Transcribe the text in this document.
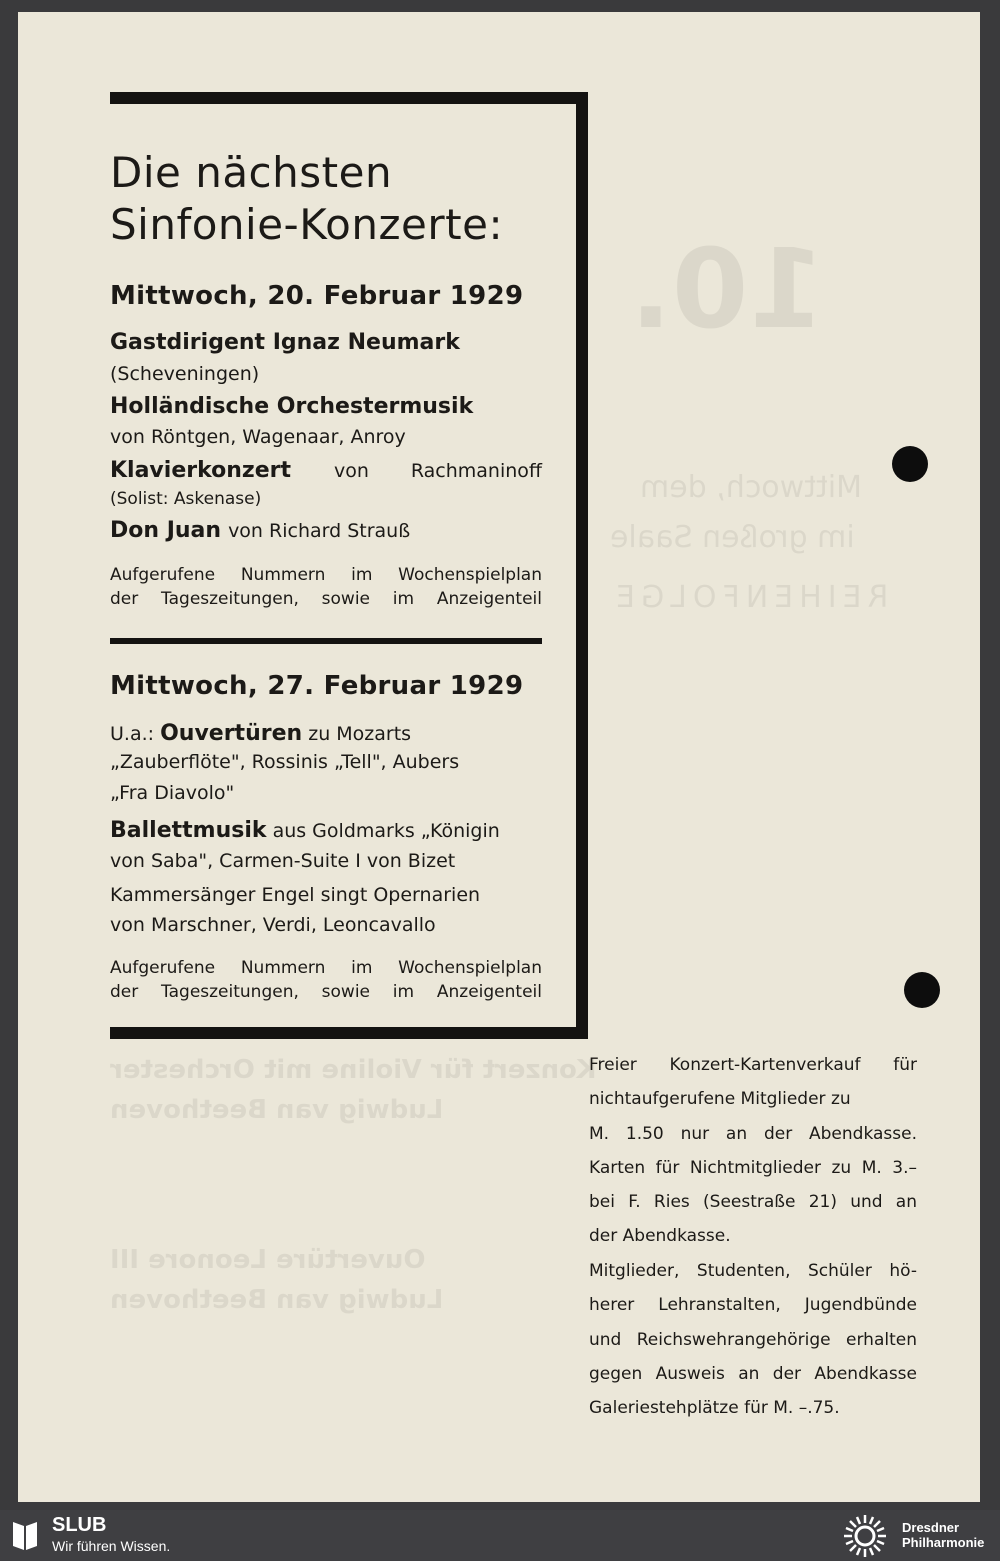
10.
Mittwoch, dem
im großen Saale
REIHENFOLGE
Konzert für Violine mit Orchester
Ludwig van Beethoven
Ouvertüre Leonore III
Ludwig van Beethoven
Die nächsten
Sinfonie-Konzerte:

Mittwoch, 20. Februar 1929

Gastdirigent Ignaz Neumark

(Scheveningen)

Holländische Orchestermusik

von Röntgen, Wagenaar, Anroy

Klavierkonzert von Rachmaninoff

(Solist: Askenase)

Don Juan von Richard Strauß

Aufgerufene Nummern im Wochenspielplan

der Tageszeitungen, sowie im Anzeigenteil

Mittwoch, 27. Februar 1929

U.a.: Ouvertüren zu Mozarts

„Zauberflöte", Rossinis „Tell", Aubers

„Fra Diavolo"

Ballettmusik aus Goldmarks „Königin

von Saba", Carmen-Suite I von Bizet

Kammersänger Engel singt Opernarien

von Marschner, Verdi, Leoncavallo

Aufgerufene Nummern im Wochenspielplan

der Tageszeitungen, sowie im Anzeigenteil

Freier Konzert-Kartenverkauf für

nichtaufgerufene Mitglieder zu

M. 1.50 nur an der Abendkasse.

Karten für Nichtmitglieder zu M. 3.–

bei F. Ries (Seestraße 21) und an

der Abendkasse.

Mitglieder, Studenten, Schüler hö-

herer Lehranstalten, Jugendbünde

und Reichswehrangehörige erhalten

gegen Ausweis an der Abendkasse

Galeriestehplätze für M. –.75.

SLUB
Wir führen Wissen.
Dresdner
Philharmonie
